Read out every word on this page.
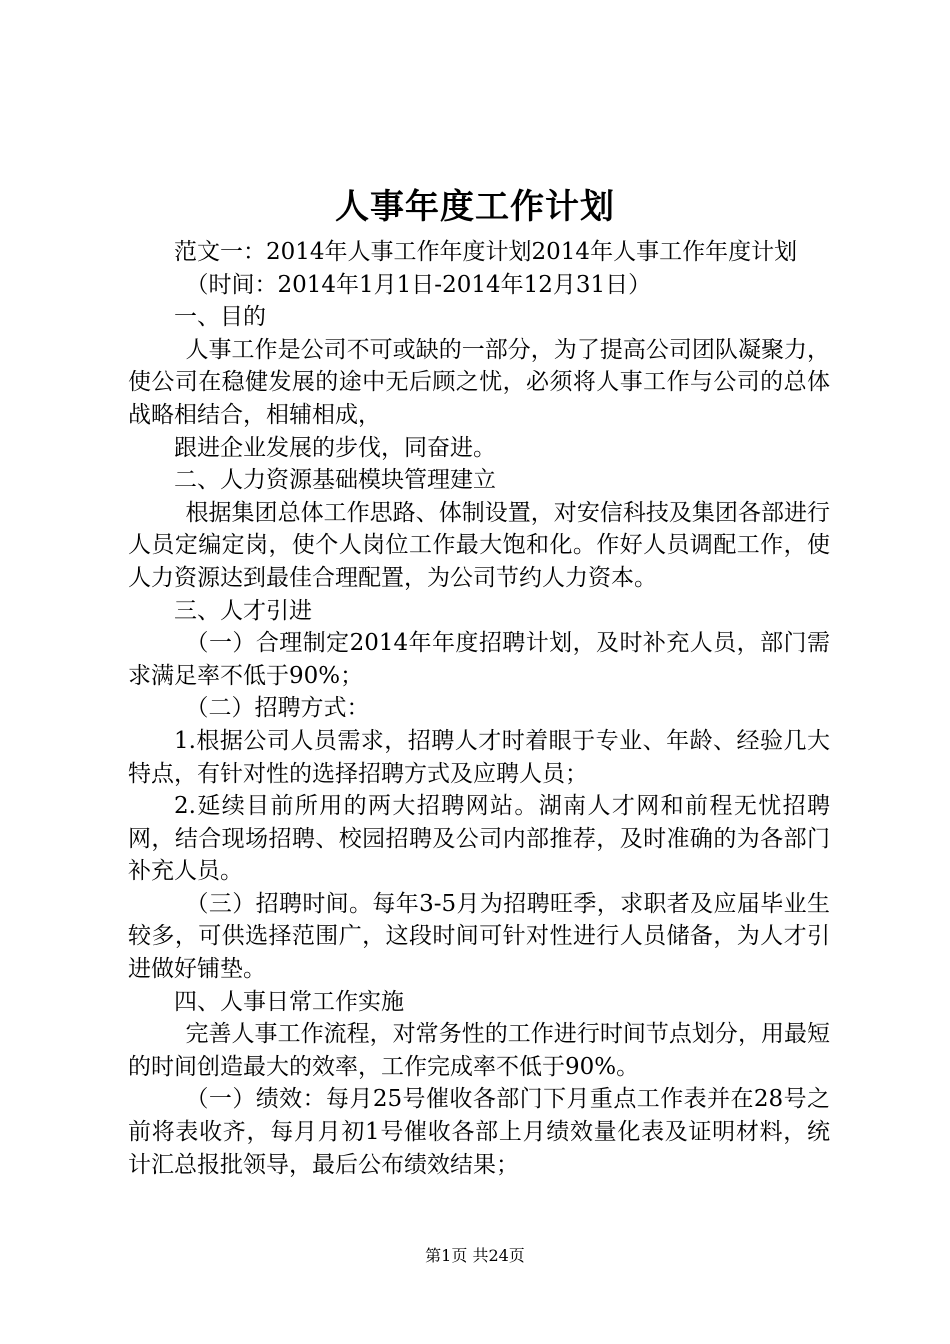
人事年度工作计划

范文一：2014年人事工作年度计划2014年人事工作年度计划

（时间：2014年1月1日-2014年12月31日）

一、目的

人事工作是公司不可或缺的一部分，为了提高公司团队凝聚力，使公司在稳健发展的途中无后顾之忧，必须将人事工作与公司的总体战略相结合，相辅相成，

跟进企业发展的步伐，同奋进。

二、人力资源基础模块管理建立

根据集团总体工作思路、体制设置，对安信科技及集团各部进行人员定编定岗，使个人岗位工作最大饱和化。作好人员调配工作，使人力资源达到最佳合理配置，为公司节约人力资本。

三、人才引进

（一）合理制定2014年年度招聘计划，及时补充人员，部门需求满足率不低于90%；

（二）招聘方式：

1.根据公司人员需求，招聘人才时着眼于专业、年龄、经验几大特点，有针对性的选择招聘方式及应聘人员；

2.延续目前所用的两大招聘网站。湖南人才网和前程无忧招聘网，结合现场招聘、校园招聘及公司内部推荐，及时准确的为各部门补充人员。

（三）招聘时间。每年3-5月为招聘旺季，求职者及应届毕业生较多，可供选择范围广，这段时间可针对性进行人员储备，为人才引进做好铺垫。

四、人事日常工作实施

完善人事工作流程，对常务性的工作进行时间节点划分，用最短的时间创造最大的效率，工作完成率不低于90%。

（一）绩效：每月25号催收各部门下月重点工作表并在28号之前将表收齐，每月月初1号催收各部上月绩效量化表及证明材料，统计汇总报批领导，最后公布绩效结果；

第1页 共24页
